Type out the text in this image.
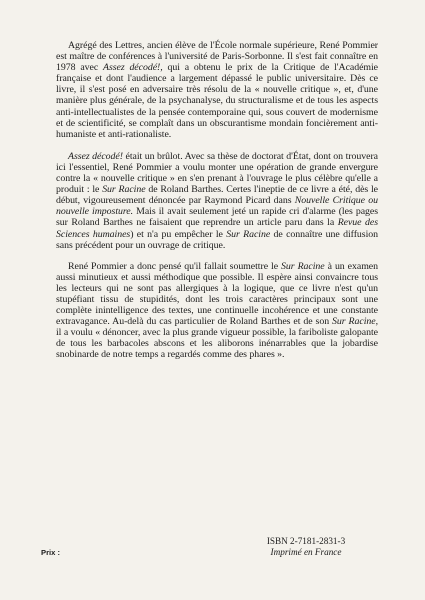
Agrégé des Lettres, ancien élève de l'École normale supérieure, René Pommier est maître de conférences à l'université de Paris-Sorbonne. Il s'est fait connaître en 1978 avec Assez décodé!, qui a obtenu le prix de la Critique de l'Académie française et dont l'audience a largement dépassé le public universitaire. Dès ce livre, il s'est posé en adversaire très résolu de la « nouvelle critique », et, d'une manière plus générale, de la psychanalyse, du structuralisme et de tous les aspects anti-intellectualistes de la pensée contemporaine qui, sous couvert de modernisme et de scientificité, se complaît dans un obscurantisme mondain foncièrement anti-humaniste et anti-rationaliste.

Assez décodé! était un brûlot. Avec sa thèse de doctorat d'État, dont on trouvera ici l'essentiel, René Pommier a voulu monter une opération de grande envergure contre la « nouvelle critique » en s'en prenant à l'ouvrage le plus célèbre qu'elle a produit : le Sur Racine de Roland Barthes. Certes l'ineptie de ce livre a été, dès le début, vigoureusement dénoncée par Raymond Picard dans Nouvelle Critique ou nouvelle imposture. Mais il avait seulement jeté un rapide cri d'alarme (les pages sur Roland Barthes ne faisaient que reprendre un article paru dans la Revue des Sciences humaines) et n'a pu empêcher le Sur Racine de connaître une diffusion sans précédent pour un ouvrage de critique.

René Pommier a donc pensé qu'il fallait soumettre le Sur Racine à un examen aussi minutieux et aussi méthodique que possible. Il espère ainsi convaincre tous les lecteurs qui ne sont pas allergiques à la logique, que ce livre n'est qu'un stupéfiant tissu de stupidités, dont les trois caractères principaux sont une complète inintelligence des textes, une continuelle incohérence et une constante extravagance. Au-delà du cas particulier de Roland Barthes et de son Sur Racine, il a voulu « dénoncer, avec la plus grande vigueur possible, la fariboliste galopante de tous les barbacoles abscons et les aliborons inénarrables que la jobardise snobinarde de notre temps a regardés comme des phares ».

ISBN 2-7181-2831-3
Imprimé en France
Prix :
